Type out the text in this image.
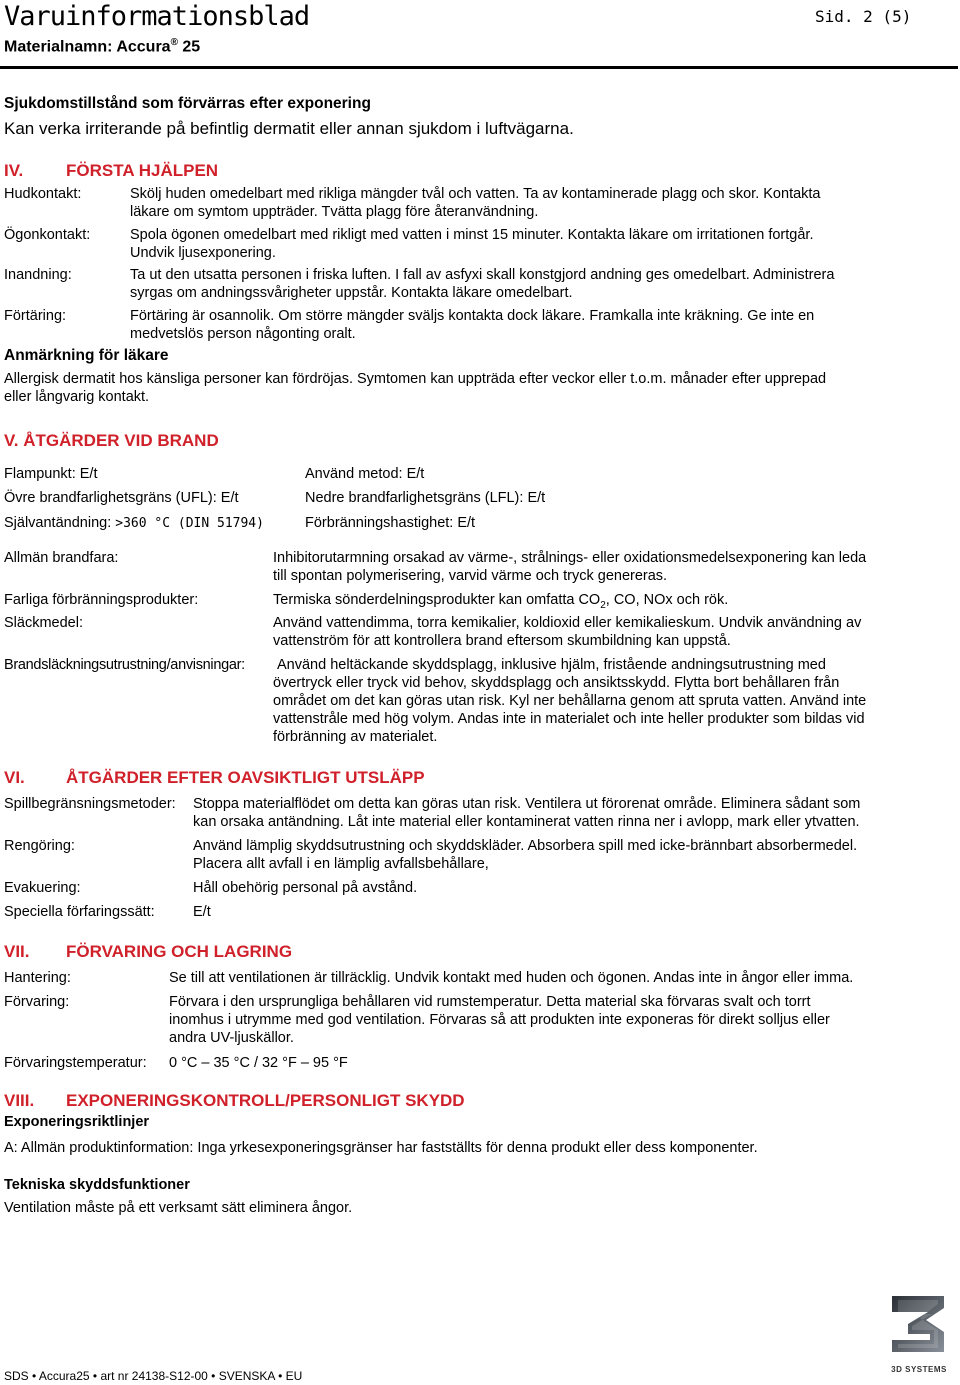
Varuinformationsblad	Sid. 2 (5)
Materialnamn: Accura® 25
Sjukdomstillstånd som förvärras efter exponering
Kan verka irriterande på befintlig dermatit eller annan sjukdom i luftvägarna.
IV.	FÖRSTA HJÄLPEN
Hudkontakt:	Skölj huden omedelbart med rikliga mängder tvål och vatten. Ta av kontaminerade plagg och skor. Kontakta
läkare om symtom uppträder. Tvätta plagg före återanvändning.
Ögonkontakt:	Spola ögonen omedelbart med rikligt med vatten i minst 15 minuter. Kontakta läkare om irritationen fortgår.
Undvik ljusexponering.
Inandning:	Ta ut den utsatta personen i friska luften. I fall av asfyxi skall konstgjord andning ges omedelbart. Administrera
syrgas om andningssvårigheter uppstår. Kontakta läkare omedelbart.
Förtäring:	Förtäring är osannolik. Om större mängder sväljs kontakta dock läkare. Framkalla inte kräkning. Ge inte en
medvetslös person någonting oralt.
Anmärkning för läkare
Allergisk dermatit hos känsliga personer kan fördröjas. Symtomen kan uppträda efter veckor eller t.o.m. månader efter upprepad
eller långvarig kontakt.
V. ÅTGÄRDER VID BRAND
Flampunkt: E/t	Använd metod: E/t
Övre brandfarlighetsgräns (UFL): E/t	Nedre brandfarlighetsgräns (LFL): E/t
Självantändning: >360 °C (DIN 51794)	Förbränningshastighet: E/t
Allmän brandfara:	Inhibitorutarmning orsakad av värme-, strålnings- eller oxidationsmedelsexponering kan leda
till spontan polymerisering, varvid värme och tryck genereras.
Farliga förbränningsprodukter:	Termiska sönderdelningsprodukter kan omfatta $CO_2$, CO, NOx och rök.
Släckmedel:	Använd vattendimma, torra kemikalier, koldioxid eller kemikalieskum. Undvik användning av
vattenström för att kontrollera brand eftersom skumbildning kan uppstå.
Brandsläckningsutrustning/anvisningar: Använd heltäckande skyddsplagg, inklusive hjälm, fristående andningsutrustning med
övertryck eller tryck vid behov, skyddsplagg och ansiktsskydd. Flytta bort behållaren från
området om det kan göras utan risk. Kyl ner behållarna genom att spruta vatten. Använd inte
vattenstråle med hög volym. Andas inte in materialet och inte heller produkter som bildas vid
förbränning av materialet.
VI. ÅTGÄRDER EFTER OAVSIKTLIGT UTSLÄPP
Spillbegränsningsmetoder: Stoppa materialflödet om detta kan göras utan risk. Ventilera ut förorenat område. Eliminera sådant som
kan orsaka antändning. Låt inte material eller kontaminerat vatten rinna ner i avlopp, mark eller ytvatten.
Rengöring:	Använd lämplig skyddsutrustning och skyddskläder. Absorbera spill med icke-brännbart absorbermedel.
Placera allt avfall i en lämplig avfallsbehållare,
Evakuering:	Håll obehörig personal på avstånd.
Speciella förfaringssätt:	E/t
VII. FÖRVARING OCH LAGRING
Hantering:	Se till att ventilationen är tillräcklig. Undvik kontakt med huden och ögonen. Andas inte in ångor eller imma.
Förvaring:	Förvara i den ursprungliga behållaren vid rumstemperatur. Detta material ska förvaras svalt och torrt
inomhus i utrymme med god ventilation. Förvaras så att produkten inte exponeras för direkt solljus eller
andra UV-ljuskällor.
Förvaringstemperatur: 0 °C – 35 °C / 32 °F – 95 °F
VIII. EXPONERINGSKONTROLL/PERSONLIGT SKYDD
Exponeringsriktlinjer
A: Allmän produktinformation: Inga yrkesexponeringsgränser har fastställts för denna produkt eller dess komponenter.
Tekniska skyddsfunktioner
Ventilation måste på ett verksamt sätt eliminera ångor.
SDS • Accura25 • art nr 24138-S12-00 • SVENSKA • EU
3
3D SYSTEMS
